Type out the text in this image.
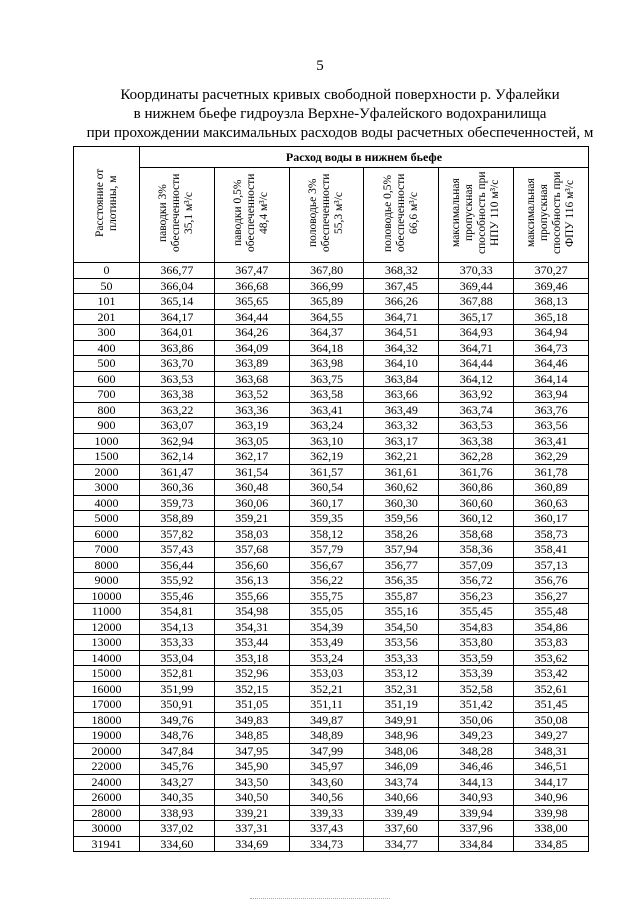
5
Координаты расчетных кривых свободной поверхности р. Уфалейки
в нижнем бьефе гидроузла Верхне-Уфалейского водохранилища
при прохождении максимальных расходов воды расчетных обеспеченностей, м
Расстояние от плотины, м	Расход воды в нижнем бьефе					
	паводки 3% обеспеченности 35,1 м³/с	паводки 0,5% обеспеченности 48,4 м³/с	половодье 3% обеспеченности 55,3 м³/с	половодье 0,5% обеспеченности 66,6 м³/с	максимальная пропускная способность при НПУ 110 м³/с	максимальная пропускная способность при ФПУ 116 м³/с
0	366,77	367,47	367,80	368,32	370,33	370,27
50	366,04	366,68	366,99	367,45	369,44	369,46
101	365,14	365,65	365,89	366,26	367,88	368,13
201	364,17	364,44	364,55	364,71	365,17	365,18
300	364,01	364,26	364,37	364,51	364,93	364,94
400	363,86	364,09	364,18	364,32	364,71	364,73
500	363,70	363,89	363,98	364,10	364,44	364,46
600	363,53	363,68	363,75	363,84	364,12	364,14
700	363,38	363,52	363,58	363,66	363,92	363,94
800	363,22	363,36	363,41	363,49	363,74	363,76
900	363,07	363,19	363,24	363,32	363,53	363,56
1000	362,94	363,05	363,10	363,17	363,38	363,41
1500	362,14	362,17	362,19	362,21	362,28	362,29
2000	361,47	361,54	361,57	361,61	361,76	361,78
3000	360,36	360,48	360,54	360,62	360,86	360,89
4000	359,73	360,06	360,17	360,30	360,60	360,63
5000	358,89	359,21	359,35	359,56	360,12	360,17
6000	357,82	358,03	358,12	358,26	358,68	358,73
7000	357,43	357,68	357,79	357,94	358,36	358,41
8000	356,44	356,60	356,67	356,77	357,09	357,13
9000	355,92	356,13	356,22	356,35	356,72	356,76
10000	355,46	355,66	355,75	355,87	356,23	356,27
11000	354,81	354,98	355,05	355,16	355,45	355,48
12000	354,13	354,31	354,39	354,50	354,83	354,86
13000	353,33	353,44	353,49	353,56	353,80	353,83
14000	353,04	353,18	353,24	353,33	353,59	353,62
15000	352,81	352,96	353,03	353,12	353,39	353,42
16000	351,99	352,15	352,21	352,31	352,58	352,61
17000	350,91	351,05	351,11	351,19	351,42	351,45
18000	349,76	349,83	349,87	349,91	350,06	350,08
19000	348,76	348,85	348,89	348,96	349,23	349,27
20000	347,84	347,95	347,99	348,06	348,28	348,31
22000	345,76	345,90	345,97	346,09	346,46	346,51
24000	343,27	343,50	343,60	343,74	344,13	344,17
26000	340,35	340,50	340,56	340,66	340,93	340,96
28000	338,93	339,21	339,33	339,49	339,94	339,98
30000	337,02	337,31	337,43	337,60	337,96	338,00
31941	334,60	334,69	334,73	334,77	334,84	334,85
